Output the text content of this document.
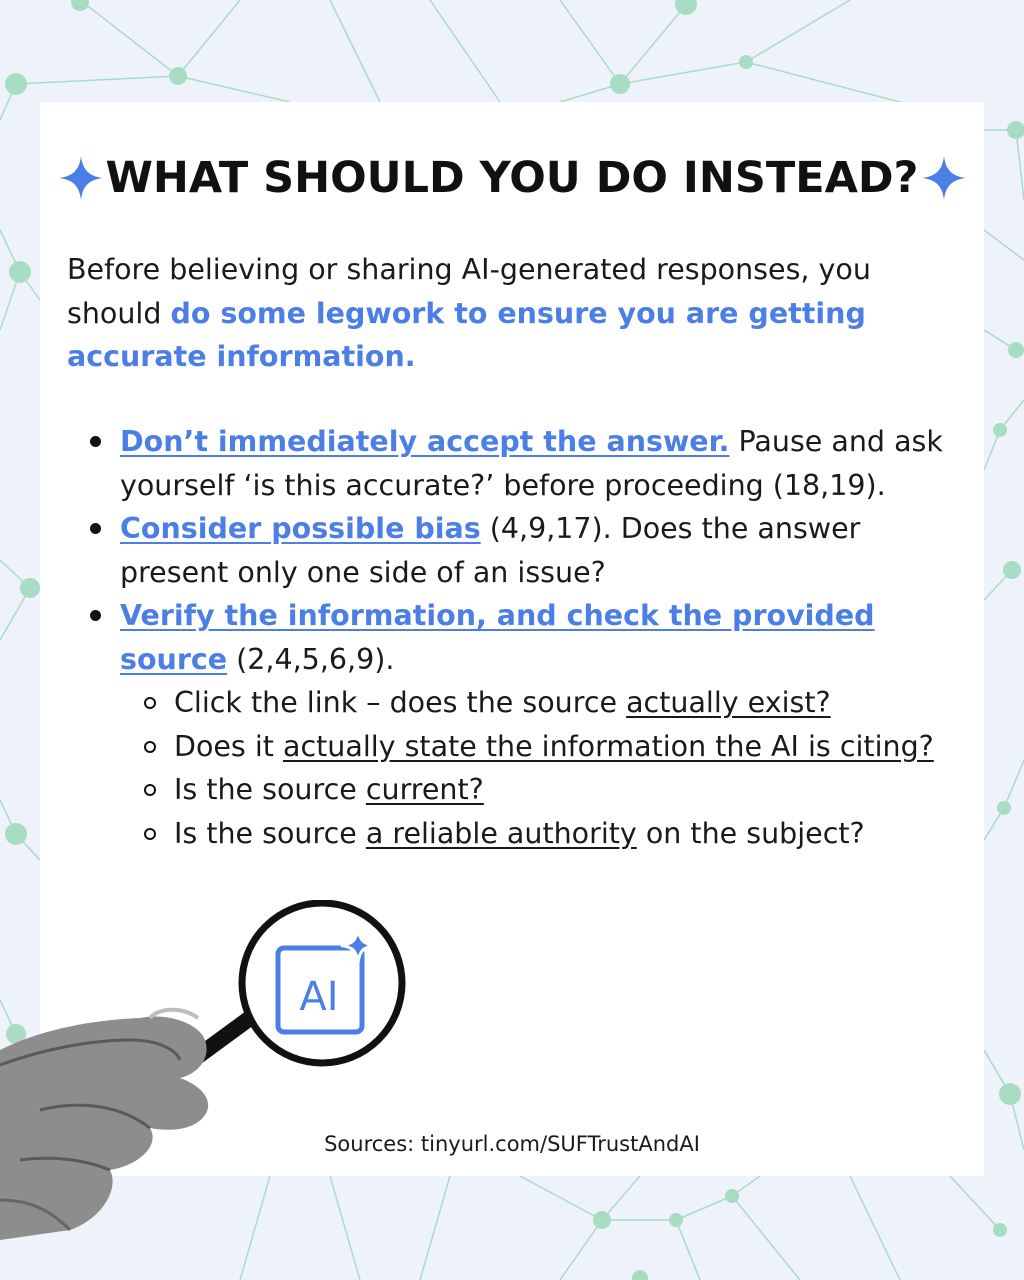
WHAT SHOULD YOU DO INSTEAD?
Before believing or sharing AI-generated responses, you should do some legwork to ensure you are getting accurate information.
Don’t immediately accept the answer. Pause and ask yourself ‘is this accurate?’ before proceeding (18,19).
Consider possible bias (4,9,17). Does the answer present only one side of an issue?
Verify the information, and check the provided source (2,4,5,6,9).
Click the link – does the source actually exist?
Does it actually state the information the AI is citing?
Is the source current?
Is the source a reliable authority on the subject?
Sources: tinyurl.com/SUFTrustAndAI
AI
